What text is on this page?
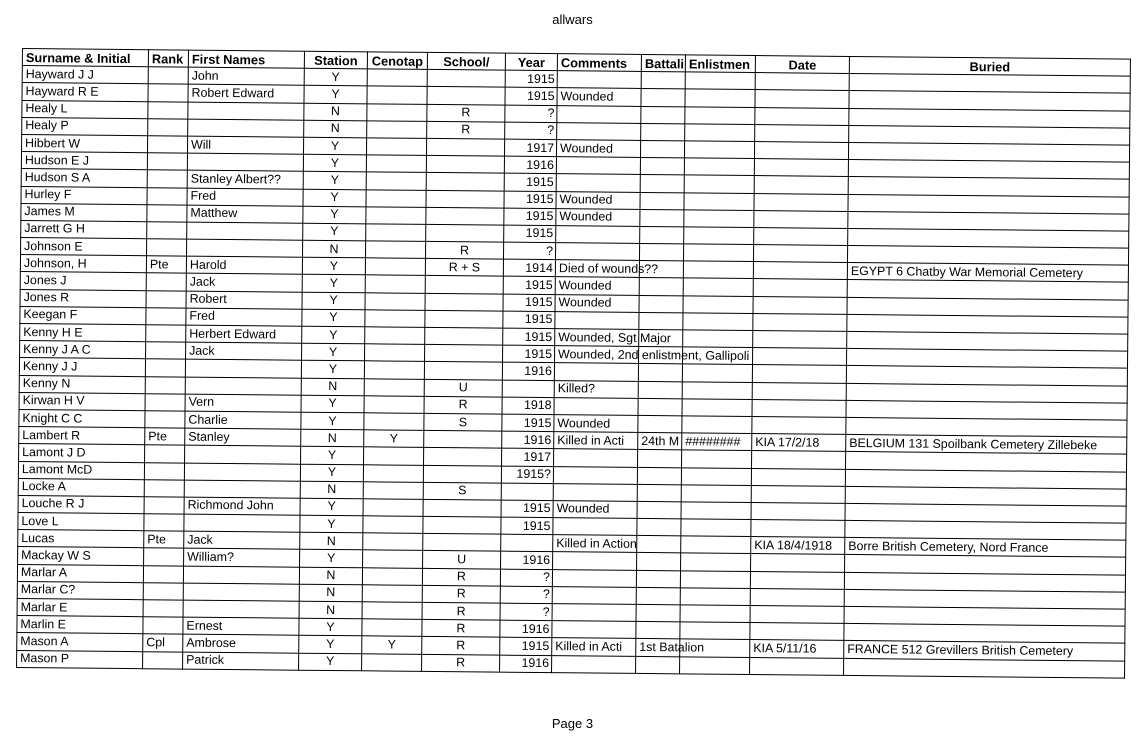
allwars
Surname & Initial	Rank	First Names	Station	Cenotap	School/	Year	Comments	Battali	Enlistmen	Date	Buried
Hayward J J		John	Y			1915					
Hayward R E		Robert Edward	Y			1915	Wounded				
Healy L			N		R	?					
Healy P			N		R	?					
Hibbert W		Will	Y			1917	Wounded				
Hudson E J			Y			1916					
Hudson S A		Stanley Albert??	Y			1915					
Hurley F		Fred	Y			1915	Wounded				
James M		Matthew	Y			1915	Wounded				
Jarrett G H			Y			1915					
Johnson E			N		R	?					
Johnson, H	Pte	Harold	Y		R + S	1914	Died of wounds??				EGYPT 6 Chatby War Memorial Cemetery
Jones J		Jack	Y			1915	Wounded				
Jones R		Robert	Y			1915	Wounded				
Keegan F		Fred	Y			1915					
Kenny H E		Herbert Edward	Y			1915	Wounded, Sgt Major				
Kenny J A C		Jack	Y			1915	Wounded, 2nd enlistment, Gallipoli				
Kenny J J			Y			1916					
Kenny N			N		U		Killed?				
Kirwan H V		Vern	Y		R	1918					
Knight C C		Charlie	Y		S	1915	Wounded				
Lambert R	Pte	Stanley	N	Y		1916	Killed in Acti	24th M	########	KIA 17/2/18	BELGIUM 131 Spoilbank Cemetery Zillebeke
Lamont J D			Y			1917					
Lamont McD			Y			1915?					
Locke A			N		S						
Louche R J		Richmond John	Y			1915	Wounded				
Love L			Y			1915					
Lucas	Pte	Jack	N				Killed in Action			KIA 18/4/1918	Borre British Cemetery, Nord France
Mackay W S		William?	Y		U	1916					
Marlar A			N		R	?					
Marlar C?			N		R	?					
Marlar E			N		R	?					
Marlin E		Ernest	Y		R	1916					
Mason A	Cpl	Ambrose	Y	Y	R	1915	Killed in Acti	1st Batalion		KIA 5/11/16	FRANCE 512 Grevillers British Cemetery
Mason P		Patrick	Y		R	1916					
Page 3
